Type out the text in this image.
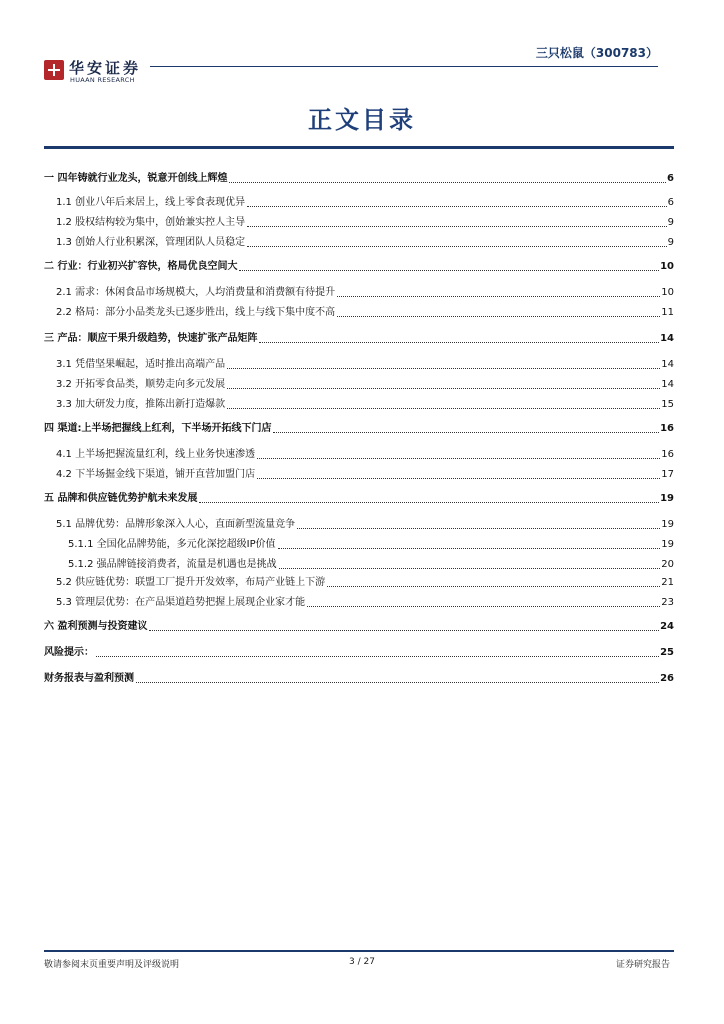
华安证券
HUAAN RESEARCH
三只松鼠（300783）
正文目录
一 四年铸就行业龙头，锐意开创线上辉煌	6
1.1 创业八年后来居上，线上零食表现优异	6
1.2 股权结构较为集中，创始兼实控人主导	9
1.3 创始人行业积累深，管理团队人员稳定	9
二 行业：行业初兴扩容快，格局优良空间大	10
2.1 需求：休闲食品市场规模大，人均消费量和消费额有待提升	10
2.2 格局：部分小品类龙头已逐步胜出，线上与线下集中度不高	11
三 产品：顺应干果升级趋势，快速扩张产品矩阵	14
3.1 凭借坚果崛起，适时推出高端产品	14
3.2 开拓零食品类，顺势走向多元发展	14
3.3 加大研发力度，推陈出新打造爆款	15
四 渠道:上半场把握线上红利，下半场开拓线下门店	16
4.1 上半场把握流量红利，线上业务快速渗透	16
4.2 下半场掘金线下渠道，铺开直营加盟门店	17
五 品牌和供应链优势护航未来发展	19
5.1 品牌优势：品牌形象深入人心，直面新型流量竞争	19
5.1.1 全国化品牌势能，多元化深挖超级IP价值	19
5.1.2 强品牌链接消费者，流量是机遇也是挑战	20
5.2 供应链优势：联盟工厂提升开发效率，布局产业链上下游	21
5.3 管理层优势：在产品渠道趋势把握上展现企业家才能	23
六 盈利预测与投资建议	24
风险提示：	25
财务报表与盈利预测	26
敬请参阅末页重要声明及评级说明	3 / 27	证券研究报告
